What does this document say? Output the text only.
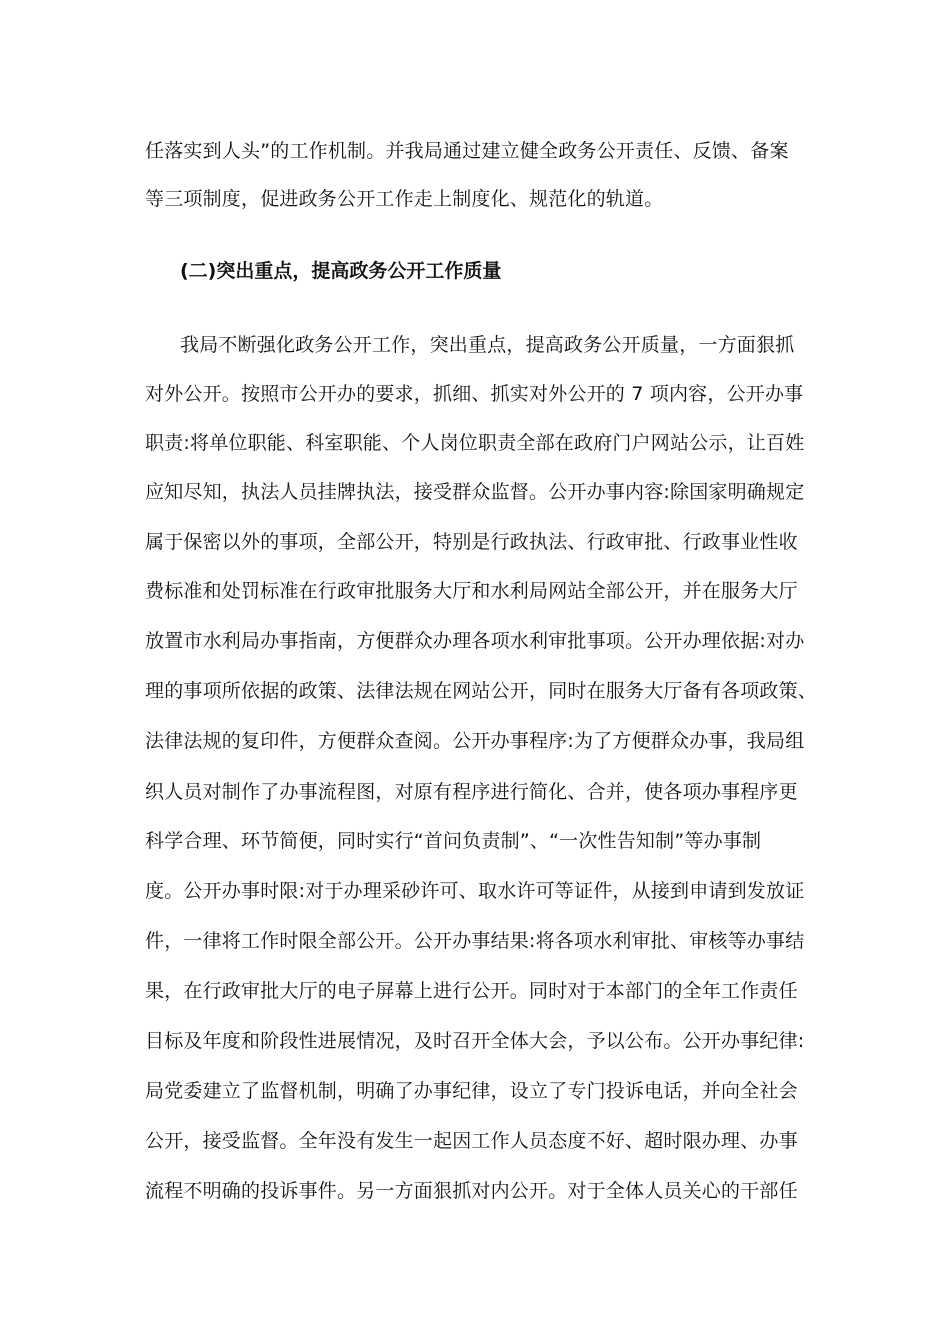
任落实到人头”的工作机制。并我局通过建立健全政务公开责任、反馈、备案
等三项制度，促进政务公开工作走上制度化、规范化的轨道。
(二)突出重点，提高政务公开工作质量
我局不断强化政务公开工作，突出重点，提高政务公开质量，一方面狠抓
对外公开。按照市公开办的要求，抓细、抓实对外公开的 7 项内容，公开办事
职责:将单位职能、科室职能、个人岗位职责全部在政府门户网站公示，让百姓
应知尽知，执法人员挂牌执法，接受群众监督。公开办事内容:除国家明确规定
属于保密以外的事项，全部公开，特别是行政执法、行政审批、行政事业性收
费标准和处罚标准在行政审批服务大厅和水利局网站全部公开，并在服务大厅
放置市水利局办事指南，方便群众办理各项水利审批事项。公开办理依据:对办
理的事项所依据的政策、法律法规在网站公开，同时在服务大厅备有各项政策、
法律法规的复印件，方便群众查阅。公开办事程序:为了方便群众办事，我局组
织人员对制作了办事流程图，对原有程序进行简化、合并，使各项办事程序更
科学合理、环节简便，同时实行“首问负责制”、“一次性告知制”等办事制
度。公开办事时限:对于办理采砂许可、取水许可等证件，从接到申请到发放证
件，一律将工作时限全部公开。公开办事结果:将各项水利审批、审核等办事结
果，在行政审批大厅的电子屏幕上进行公开。同时对于本部门的全年工作责任
目标及年度和阶段性进展情况，及时召开全体大会，予以公布。公开办事纪律:
局党委建立了监督机制，明确了办事纪律，设立了专门投诉电话，并向全社会
公开，接受监督。全年没有发生一起因工作人员态度不好、超时限办理、办事
流程不明确的投诉事件。另一方面狠抓对内公开。对于全体人员关心的干部任
